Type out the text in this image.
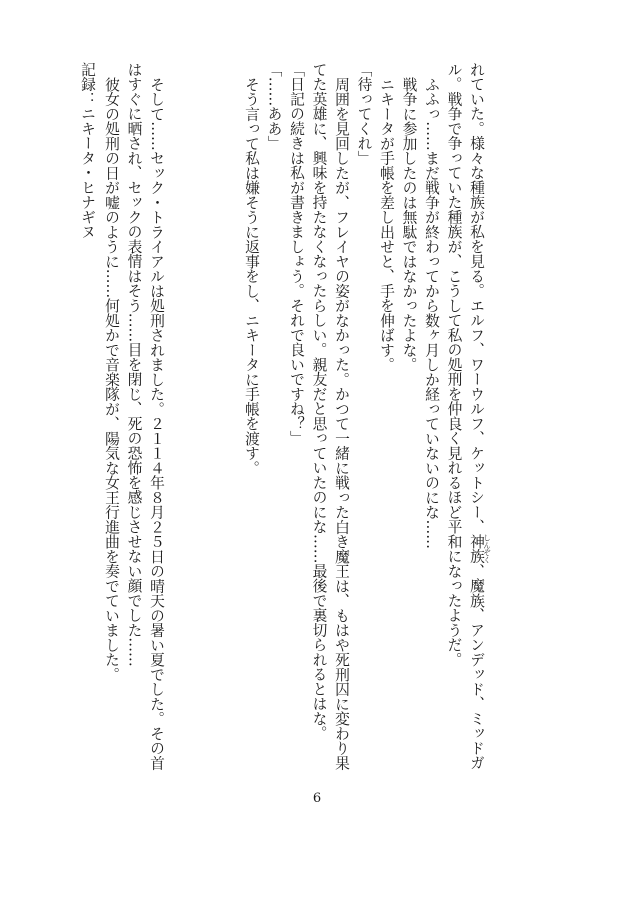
れていた。様々な種族が私を見る。エルフ、ワーウルフ、ケットシー、神族、魔族、アンデッド、ミッドガ
しんぞく
ル。戦争で争っていた種族が、こうして私の処刑を仲良く見れるほど平和になったようだ。
ふふっ……まだ戦争が終わってから数ヶ月しか経っていないのにな……
戦争に参加したのは無駄ではなかったよな。
ニキータが手帳を差し出せと、手を伸ばす。
「待ってくれ」
周囲を見回したが、フレイヤの姿がなかった。かつて一緒に戦った白き魔王は、もはや死刑囚に変わり果
てた英雄に、興味を持たなくなったらしい。親友だと思っていたのにな……最後で裏切られるとはな。
「日記の続きは私が書きましょう。それで良いですね？」
「……ああ」
そう言って私は嫌そうに返事をし、ニキータに手帳を渡す。
そして……セック・トライアルは処刑されました。２１１４年８月２５日の晴天の暑い夏でした。その首
はすぐに晒され、セックの表情はそう……目を閉じ、死の恐怖を感じさせない顔でした……
彼女の処刑の日が嘘のように……何処かで音楽隊が、陽気な女王行進曲を奏でていました。
記録：ニキータ・ヒナギヌ
6
